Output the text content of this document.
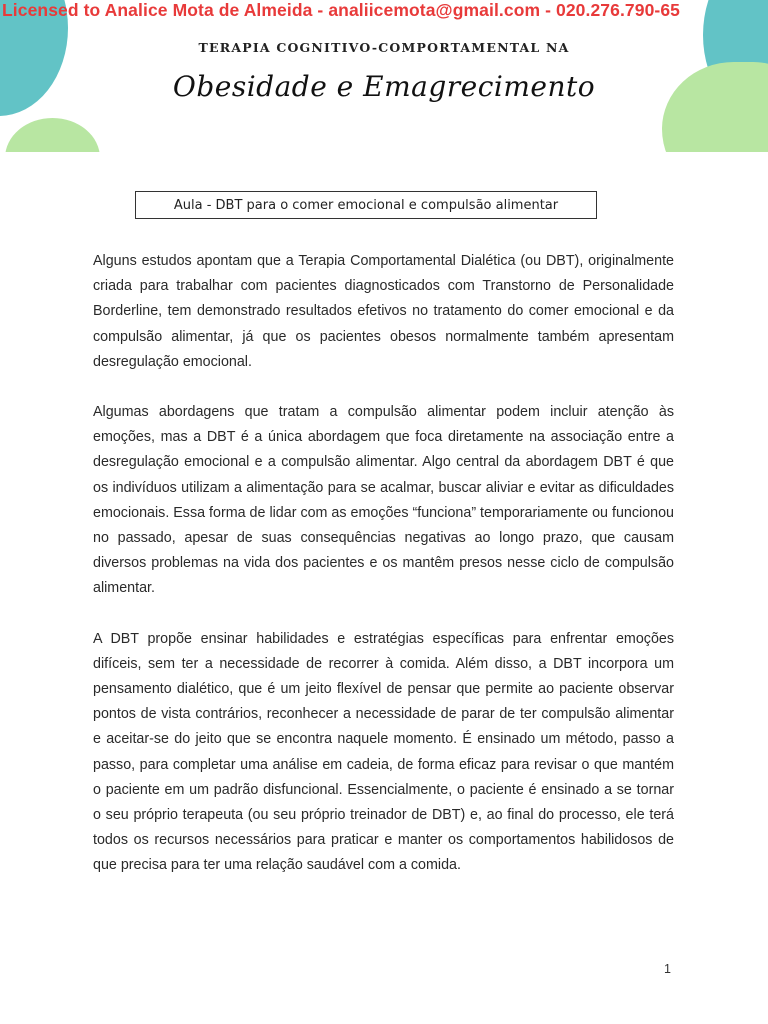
Licensed to Analice Mota de Almeida - analiicemota@gmail.com - 020.276.790-65
TERAPIA COGNITIVO-COMPORTAMENTAL NA
Obesidade e Emagrecimento
Aula - DBT para o comer emocional e compulsão alimentar

Alguns estudos apontam que a Terapia Comportamental Dialética (ou DBT), originalmente criada para trabalhar com pacientes diagnosticados com Transtorno de Personalidade Borderline, tem demonstrado resultados efetivos no tratamento do comer emocional e da compulsão alimentar, já que os pacientes obesos normalmente também apresentam desregulação emocional.

Algumas abordagens que tratam a compulsão alimentar podem incluir atenção às emoções, mas a DBT é a única abordagem que foca diretamente na associação entre a desregulação emocional e a compulsão alimentar. Algo central da abordagem DBT é que os indivíduos utilizam a alimentação para se acalmar, buscar aliviar e evitar as dificuldades emocionais. Essa forma de lidar com as emoções “funciona” temporariamente ou funcionou no passado, apesar de suas consequências negativas ao longo prazo, que causam diversos problemas na vida dos pacientes e os mantêm presos nesse ciclo de compulsão alimentar.

A DBT propõe ensinar habilidades e estratégias específicas para enfrentar emoções difíceis, sem ter a necessidade de recorrer à comida. Além disso, a DBT incorpora um pensamento dialético, que é um jeito flexível de pensar que permite ao paciente observar pontos de vista contrários, reconhecer a necessidade de parar de ter compulsão alimentar e aceitar-se do jeito que se encontra naquele momento. É ensinado um método, passo a passo, para completar uma análise em cadeia, de forma eficaz para revisar o que mantém o paciente em um padrão disfuncional. Essencialmente, o paciente é ensinado a se tornar o seu próprio terapeuta (ou seu próprio treinador de DBT) e, ao final do processo, ele terá todos os recursos necessários para praticar e manter os comportamentos habilidosos de que precisa para ter uma relação saudável com a comida.

1
